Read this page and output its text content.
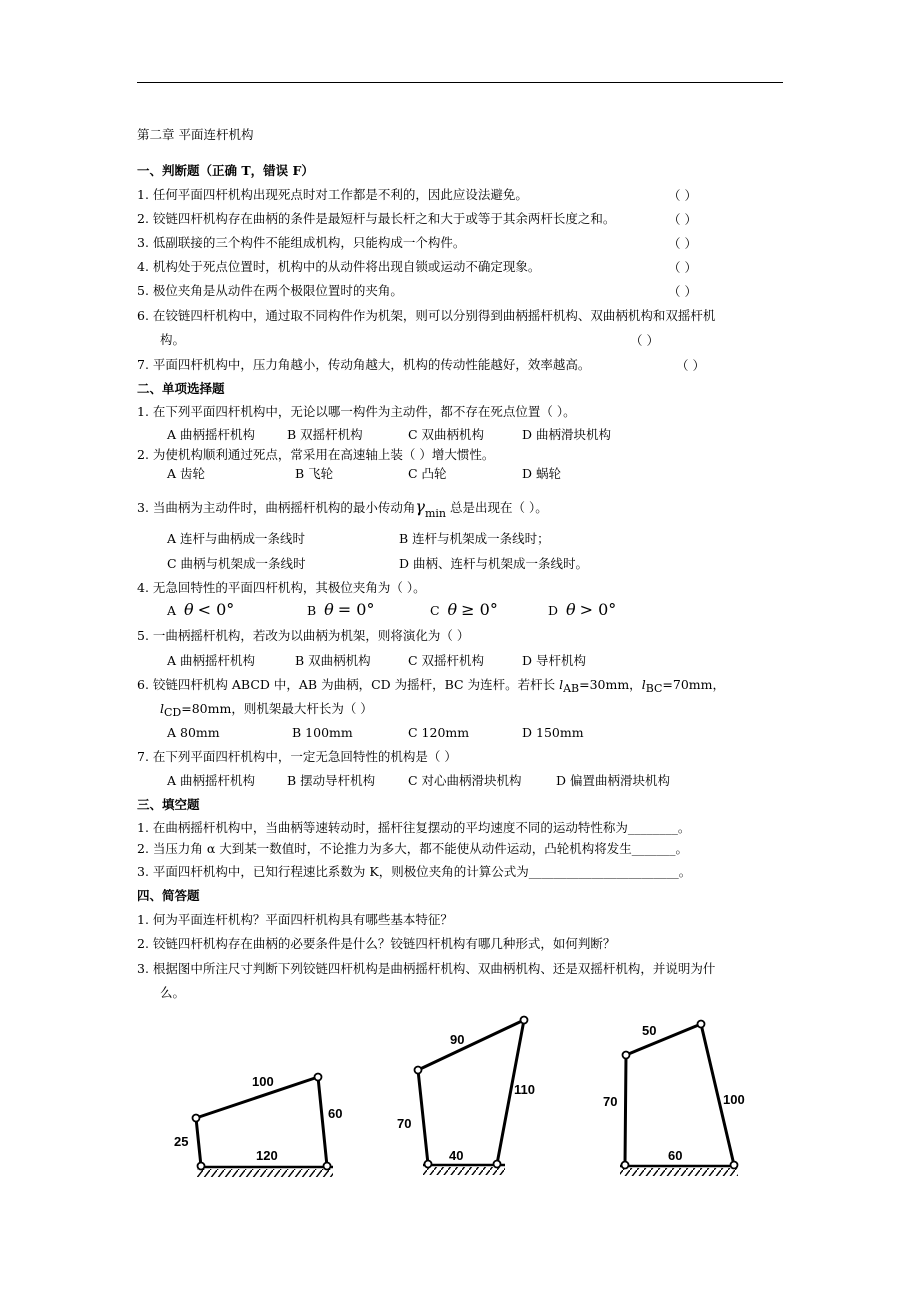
第二章 平面连杆机构
一、判断题（正确 T，错误 F）
1. 任何平面四杆机构出现死点时对工作都是不利的，因此应设法避免。	（ ）
2. 铰链四杆机构存在曲柄的条件是最短杆与最长杆之和大于或等于其余两杆长度之和。	（ ）
3. 低副联接的三个构件不能组成机构，只能构成一个构件。	（ ）
4. 机构处于死点位置时，机构中的从动件将出现自锁或运动不确定现象。	（ ）
5. 极位夹角是从动件在两个极限位置时的夹角。	（ ）
6. 在铰链四杆机构中，通过取不同构件作为机架，则可以分别得到曲柄摇杆机构、双曲柄机构和双摇杆机
构。	（ ）
7. 平面四杆机构中，压力角越小，传动角越大，机构的传动性能越好，效率越高。	（ ）
二、单项选择题
1. 在下列平面四杆机构中，无论以哪一构件为主动件，都不存在死点位置（ ）。
A 曲柄摇杆机构	B 双摇杆机构	C 双曲柄机构	D 曲柄滑块机构
2. 为使机构顺利通过死点，常采用在高速轴上装（ ）增大惯性。
A 齿轮	B 飞轮	C 凸轮	D 蜗轮
3. 当曲柄为主动件时，曲柄摇杆机构的最小传动角γmin 总是出现在（ ）。
A 连杆与曲柄成一条线时	B 连杆与机架成一条线时；
C 曲柄与机架成一条线时	D 曲柄、连杆与机架成一条线时。
4. 无急回特性的平面四杆机构，其极位夹角为（ ）。
A θ < 0°	B θ = 0°	C θ ≥ 0°	D θ > 0°
5. 一曲柄摇杆机构，若改为以曲柄为机架，则将演化为（ ）
A 曲柄摇杆机构	B 双曲柄机构	C 双摇杆机构	D 导杆机构
6. 铰链四杆机构 ABCD 中，AB 为曲柄，CD 为摇杆，BC 为连杆。若杆长 lAB=30mm，lBC=70mm，
lCD=80mm，则机架最大杆长为（ ）
A 80mm	B 100mm	C 120mm	D 150mm
7. 在下列平面四杆机构中，一定无急回特性的机构是（ ）
A 曲柄摇杆机构	B 摆动导杆机构	C 对心曲柄滑块机构	D 偏置曲柄滑块机构
三、填空题
1. 在曲柄摇杆机构中，当曲柄等速转动时，摇杆往复摆动的平均速度不同的运动特性称为________。
2. 当压力角 α 大到某一数值时，不论推力为多大，都不能使从动件运动，凸轮机构将发生_______。
3. 平面四杆机构中，已知行程速比系数为 K，则极位夹角的计算公式为________________________。
四、简答题
1. 何为平面连杆机构？平面四杆机构具有哪些基本特征？
2. 铰链四杆机构存在曲柄的必要条件是什么？铰链四杆机构有哪几种形式，如何判断？
3. 根据图中所注尺寸判断下列铰链四杆机构是曲柄摇杆机构、双曲柄机构、还是双摇杆机构，并说明为什
么。
100
60
25
120
90
110
70
40
50
70	100
60
